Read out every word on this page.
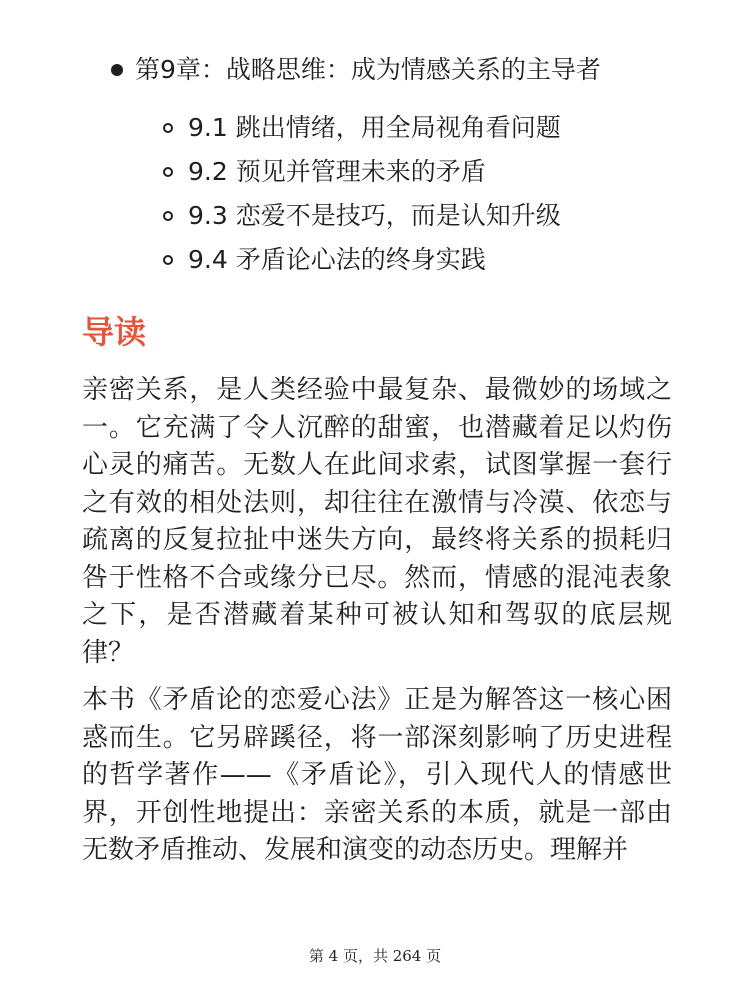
第9章：战略思维：成为情感关系的主导者
9.1 跳出情绪，用全局视角看问题
9.2 预见并管理未来的矛盾
9.3 恋爱不是技巧，而是认知升级
9.4 矛盾论心法的终身实践
导读

亲密关系，是人类经验中最复杂、最微妙的场域之一。它充满了令人沉醉的甜蜜，也潜藏着足以灼伤心灵的痛苦。无数人在此间求索，试图掌握一套行之有效的相处法则，却往往在激情与冷漠、依恋与疏离的反复拉扯中迷失方向，最终将关系的损耗归咎于性格不合或缘分已尽。然而，情感的混沌表象之下，是否潜藏着某种可被认知和驾驭的底层规律？

本书《矛盾论的恋爱心法》正是为解答这一核心困惑而生。它另辟蹊径，将一部深刻影响了历史进程的哲学著作——《矛盾论》，引入现代人的情感世界，开创性地提出：亲密关系的本质，就是一部由无数矛盾推动、发展和演变的动态历史。理解并

第 4 页，共 264 页
